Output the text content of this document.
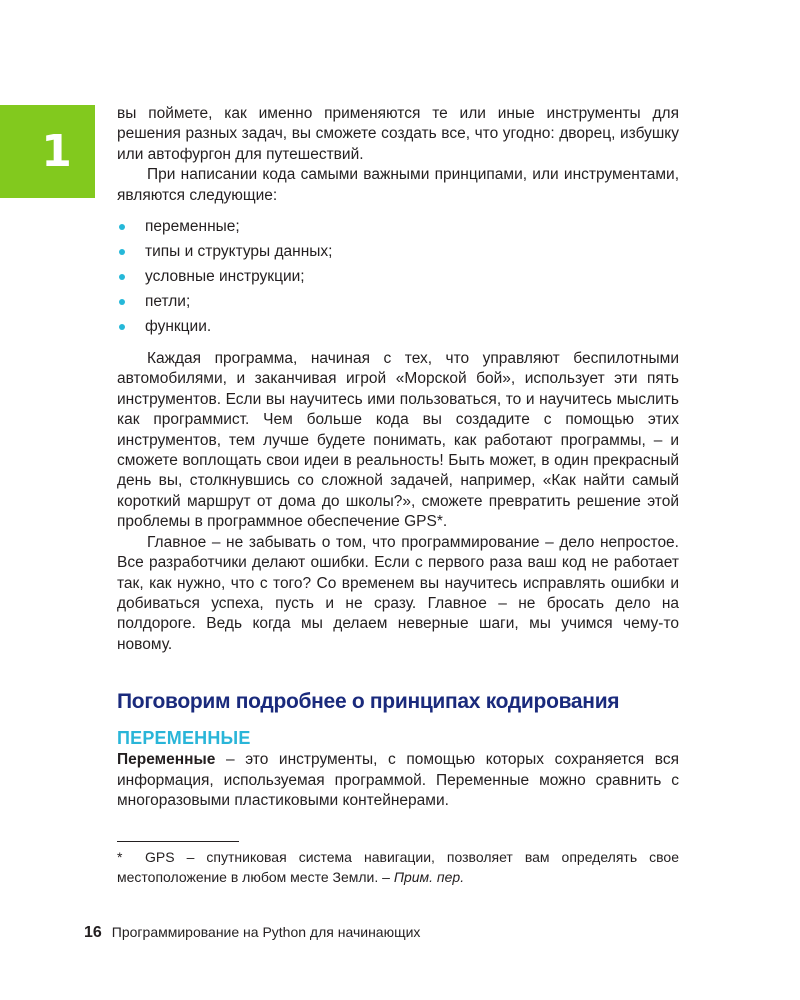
1

вы поймете, как именно применяются те или иные инструменты для решения разных задач, вы сможете создать все, что угодно: дворец, избушку или автофургон для путешествий.

При написании кода самыми важными принципами, или инструментами, являются следующие:

переменные;
типы и структуры данных;
условные инструкции;
петли;
функции.

Каждая программа, начиная с тех, что управляют беспилотными автомобилями, и заканчивая игрой «Морской бой», использует эти пять инструментов. Если вы научитесь ими пользоваться, то и научитесь мыслить как программист. Чем больше кода вы создадите с помощью этих инструментов, тем лучше будете понимать, как работают программы, – и сможете воплощать свои идеи в реальность! Быть может, в один прекрасный день вы, столкнувшись со сложной задачей, например, «Как найти самый короткий маршрут от дома до школы?», сможете превратить решение этой проблемы в программное обеспечение GPS*.

Главное – не забывать о том, что программирование – дело непростое. Все разработчики делают ошибки. Если с первого раза ваш код не работает так, как нужно, что с того? Со временем вы научитесь исправлять ошибки и добиваться успеха, пусть и не сразу. Главное – не бросать дело на полдороге. Ведь когда мы делаем неверные шаги, мы учимся чему-то новому.

Поговорим подробнее о принципах кодирования
ПЕРЕМЕННЫЕ

Переменные – это инструменты, с помощью которых сохраняется вся информация, используемая программой. Переменные можно сравнить с многоразовыми пластиковыми контейнерами.

* GPS – спутниковая система навигации, позволяет вам определять свое местоположение в любом месте Земли. – Прим. пер.
16 Программирование на Python для начинающих
